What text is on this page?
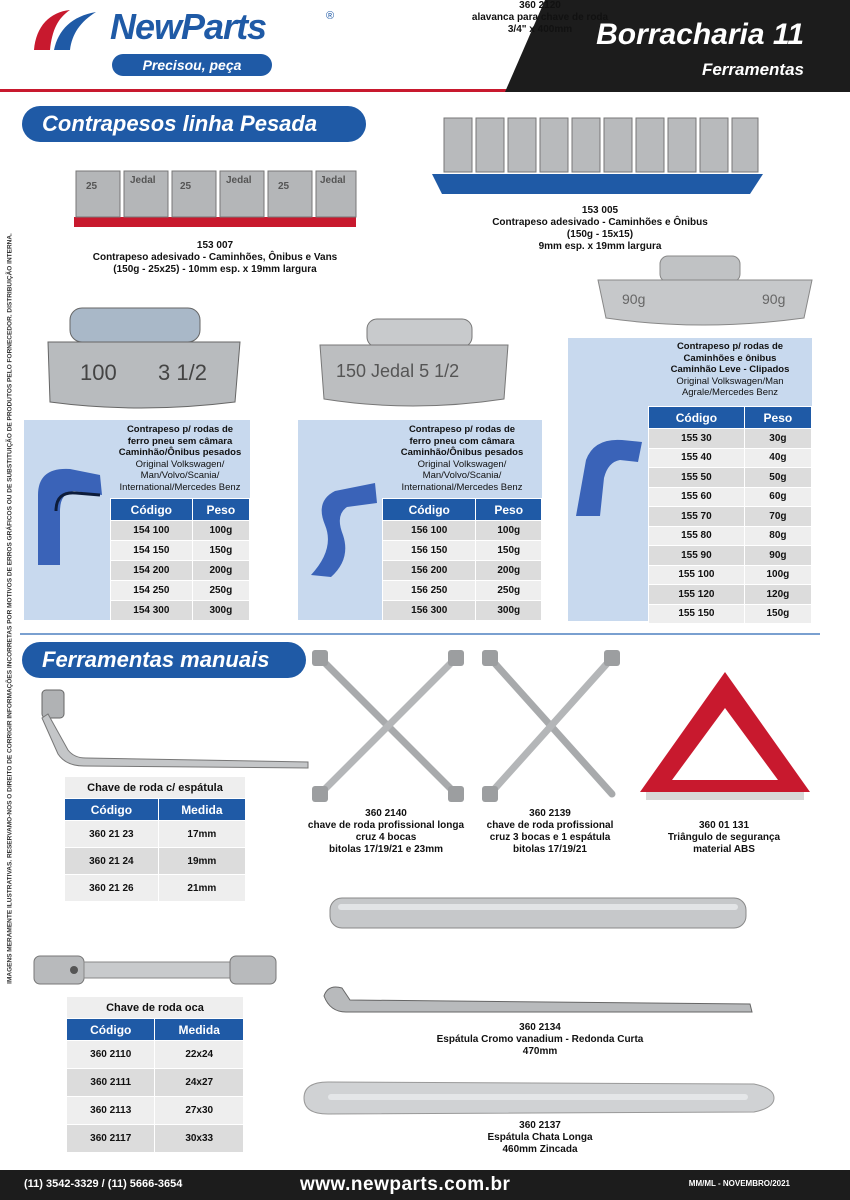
NewParts	®
Precisou, peça
Borracharia 11
Ferramentas
IMAGENS MERAMENTE ILUSTRATIVAS. RESERVAMO-NOS O DIREITO DE CORRIGIR INFORMAÇÕES INCORRETAS POR MOTIVOS DE ERROS GRÁFICOS OU DE SUBSTITUIÇÃO DE PRODUTOS PELO FORNECEDOR. DISTRIBUIÇÃO INTERNA.
Contrapesos linha Pesada
25
Jedal
25
Jedal
25
Jedal
153 007
Contrapeso adesivado - Caminhões, Ônibus e Vans
(150g - 25x25) - 10mm esp. x 19mm largura
153 005
Contrapeso adesivado - Caminhões e Ônibus
(150g - 15x15)
9mm esp. x 19mm largura
100 3 1/2	150 Jedal 5 1/2
90g	90g
Contrapeso p/ rodas de
ferro pneu sem câmara
Caminhão/Ônibus pesados
Original Volkswagen/
Man/Volvo/Scania/
International/Mercedes Benz
Código	Peso
154 100	100g
154 150	150g
154 200	200g
154 250	250g
154 300	300g
Contrapeso p/ rodas de
ferro pneu com câmara
Caminhão/Ônibus pesados
Original Volkswagen/
Man/Volvo/Scania/
International/Mercedes Benz
Código	Peso
156 100	100g
156 150	150g
156 200	200g
156 250	250g
156 300	300g
Contrapeso p/ rodas de
Caminhões e ônibus
Caminhão Leve - Clipados
Original Volkswagen/Man
Agrale/Mercedes Benz
Código	Peso
155 30	30g
155 40	40g
155 50	50g
155 60	60g
155 70	70g
155 80	80g
155 90	90g
155 100	100g
155 120	120g
155 150	150g
Ferramentas manuais
Chave de roda c/ espátula	
Código	Medida
360 21 23	17mm
360 21 24	19mm
360 21 26	21mm
360 2140
chave de roda profissional longa
cruz 4 bocas
bitolas 17/19/21 e 23mm
360 2139
chave de roda profissional
cruz 3 bocas e 1 espátula
bitolas 17/19/21
360 01 131
Triângulo de segurança
material ABS
360 2120
alavanca para chave de roda
3/4" x 400mm
Chave de roda oca	
Código	Medida
360 2110	22x24
360 2111	24x27
360 2113	27x30
360 2117	30x33
360 2134
Espátula Cromo vanadium - Redonda Curta
470mm
360 2137
Espátula Chata Longa
460mm Zincada
(11) 3542-3329 / (11) 5666-3654	www.newparts.com.br	MM/ML - NOVEMBRO/2021
